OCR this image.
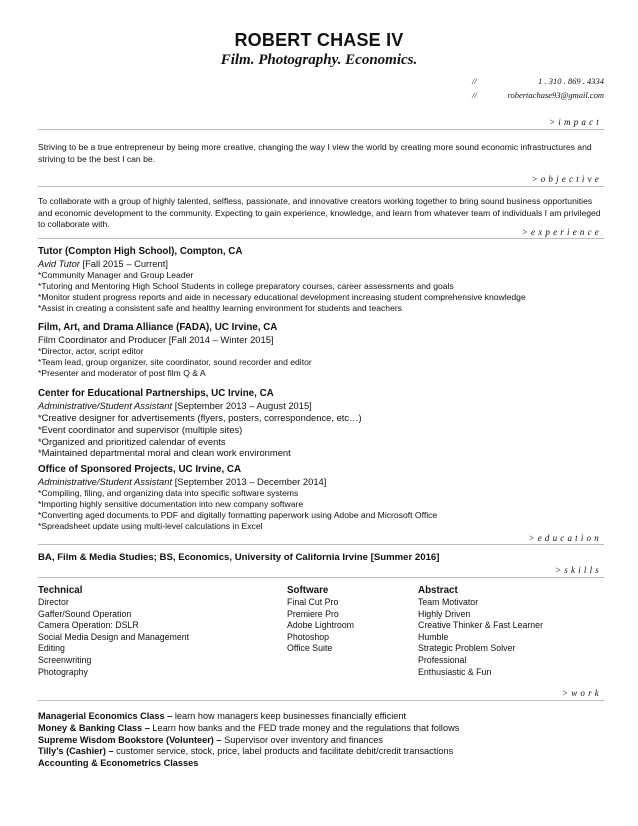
ROBERT CHASE IV
Film. Photography. Economics.
//	1 . 310 . 869 . 4334
//	robertachase93@gmail.com
>impact
Striving to be a true entrepreneur by being more creative, changing the way I view the world by creating more sound economic infrastructures and striving to be the best I can be.
>objective
To collaborate with a group of highly talented, selfless, passionate, and innovative creators working together to bring sound business opportunities and economic development to the community. Expecting to gain experience, knowledge, and learn from whatever team of individuals I am privileged to collaborate with.
>experience
Tutor (Compton High School), Compton, CA
Avid Tutor [Fall 2015 – Current]
*Community Manager and Group Leader
*Tutoring and Mentoring High School Students in college preparatory courses, career assessments and goals
*Monitor student progress reports and aide in necessary educational development increasing student comprehensive knowledge
*Assist in creating a consistent safe and healthy learning environment for students and teachers
Film, Art, and Drama Alliance (FADA), UC Irvine, CA
Film Coordinator and Producer [Fall 2014 – Winter 2015]
*Director, actor, script editor
*Team lead, group organizer, site coordinator, sound recorder and editor
*Presenter and moderator of post film Q & A
Center for Educational Partnerships, UC Irvine, CA
Administrative/Student Assistant [September 2013 – August 2015]
*Creative designer for advertisements (flyers, posters, correspondence, etc…)
*Event coordinator and supervisor (multiple sites)
*Organized and prioritized calendar of events
*Maintained departmental moral and clean work environment
Office of Sponsored Projects, UC Irvine, CA
Administrative/Student Assistant [September 2013 – December 2014]
*Compiling, filing, and organizing data into specific software systems
*Importing highly sensitive documentation into new company software
*Converting aged documents to PDF and digitally formatting paperwork using Adobe and Microsoft Office
*Spreadsheet update using multi-level calculations in Excel
>education
BA, Film & Media Studies; BS, Economics, University of California Irvine [Summer 2016]
>skills
Technical
Director
Gaffer/Sound Operation
Camera Operation: DSLR
Social Media Design and Management
Editing
Screenwriting
Photography
Software
Final Cut Pro
Premiere Pro
Adobe Lightroom
Photoshop
Office Suite
Abstract
Team Motivator
Highly Driven
Creative Thinker & Fast Learner
Humble
Strategic Problem Solver
Professional
Enthusiastic & Fun
>work
Managerial Economics Class – learn how managers keep businesses financially efficient
Money & Banking Class – Learn how banks and the FED trade money and the regulations that follows
Supreme Wisdom Bookstore (Volunteer) – Supervisor over inventory and finances
Tilly’s (Cashier) – customer service, stock, price, label products and facilitate debit/credit transactions
Accounting & Econometrics Classes
